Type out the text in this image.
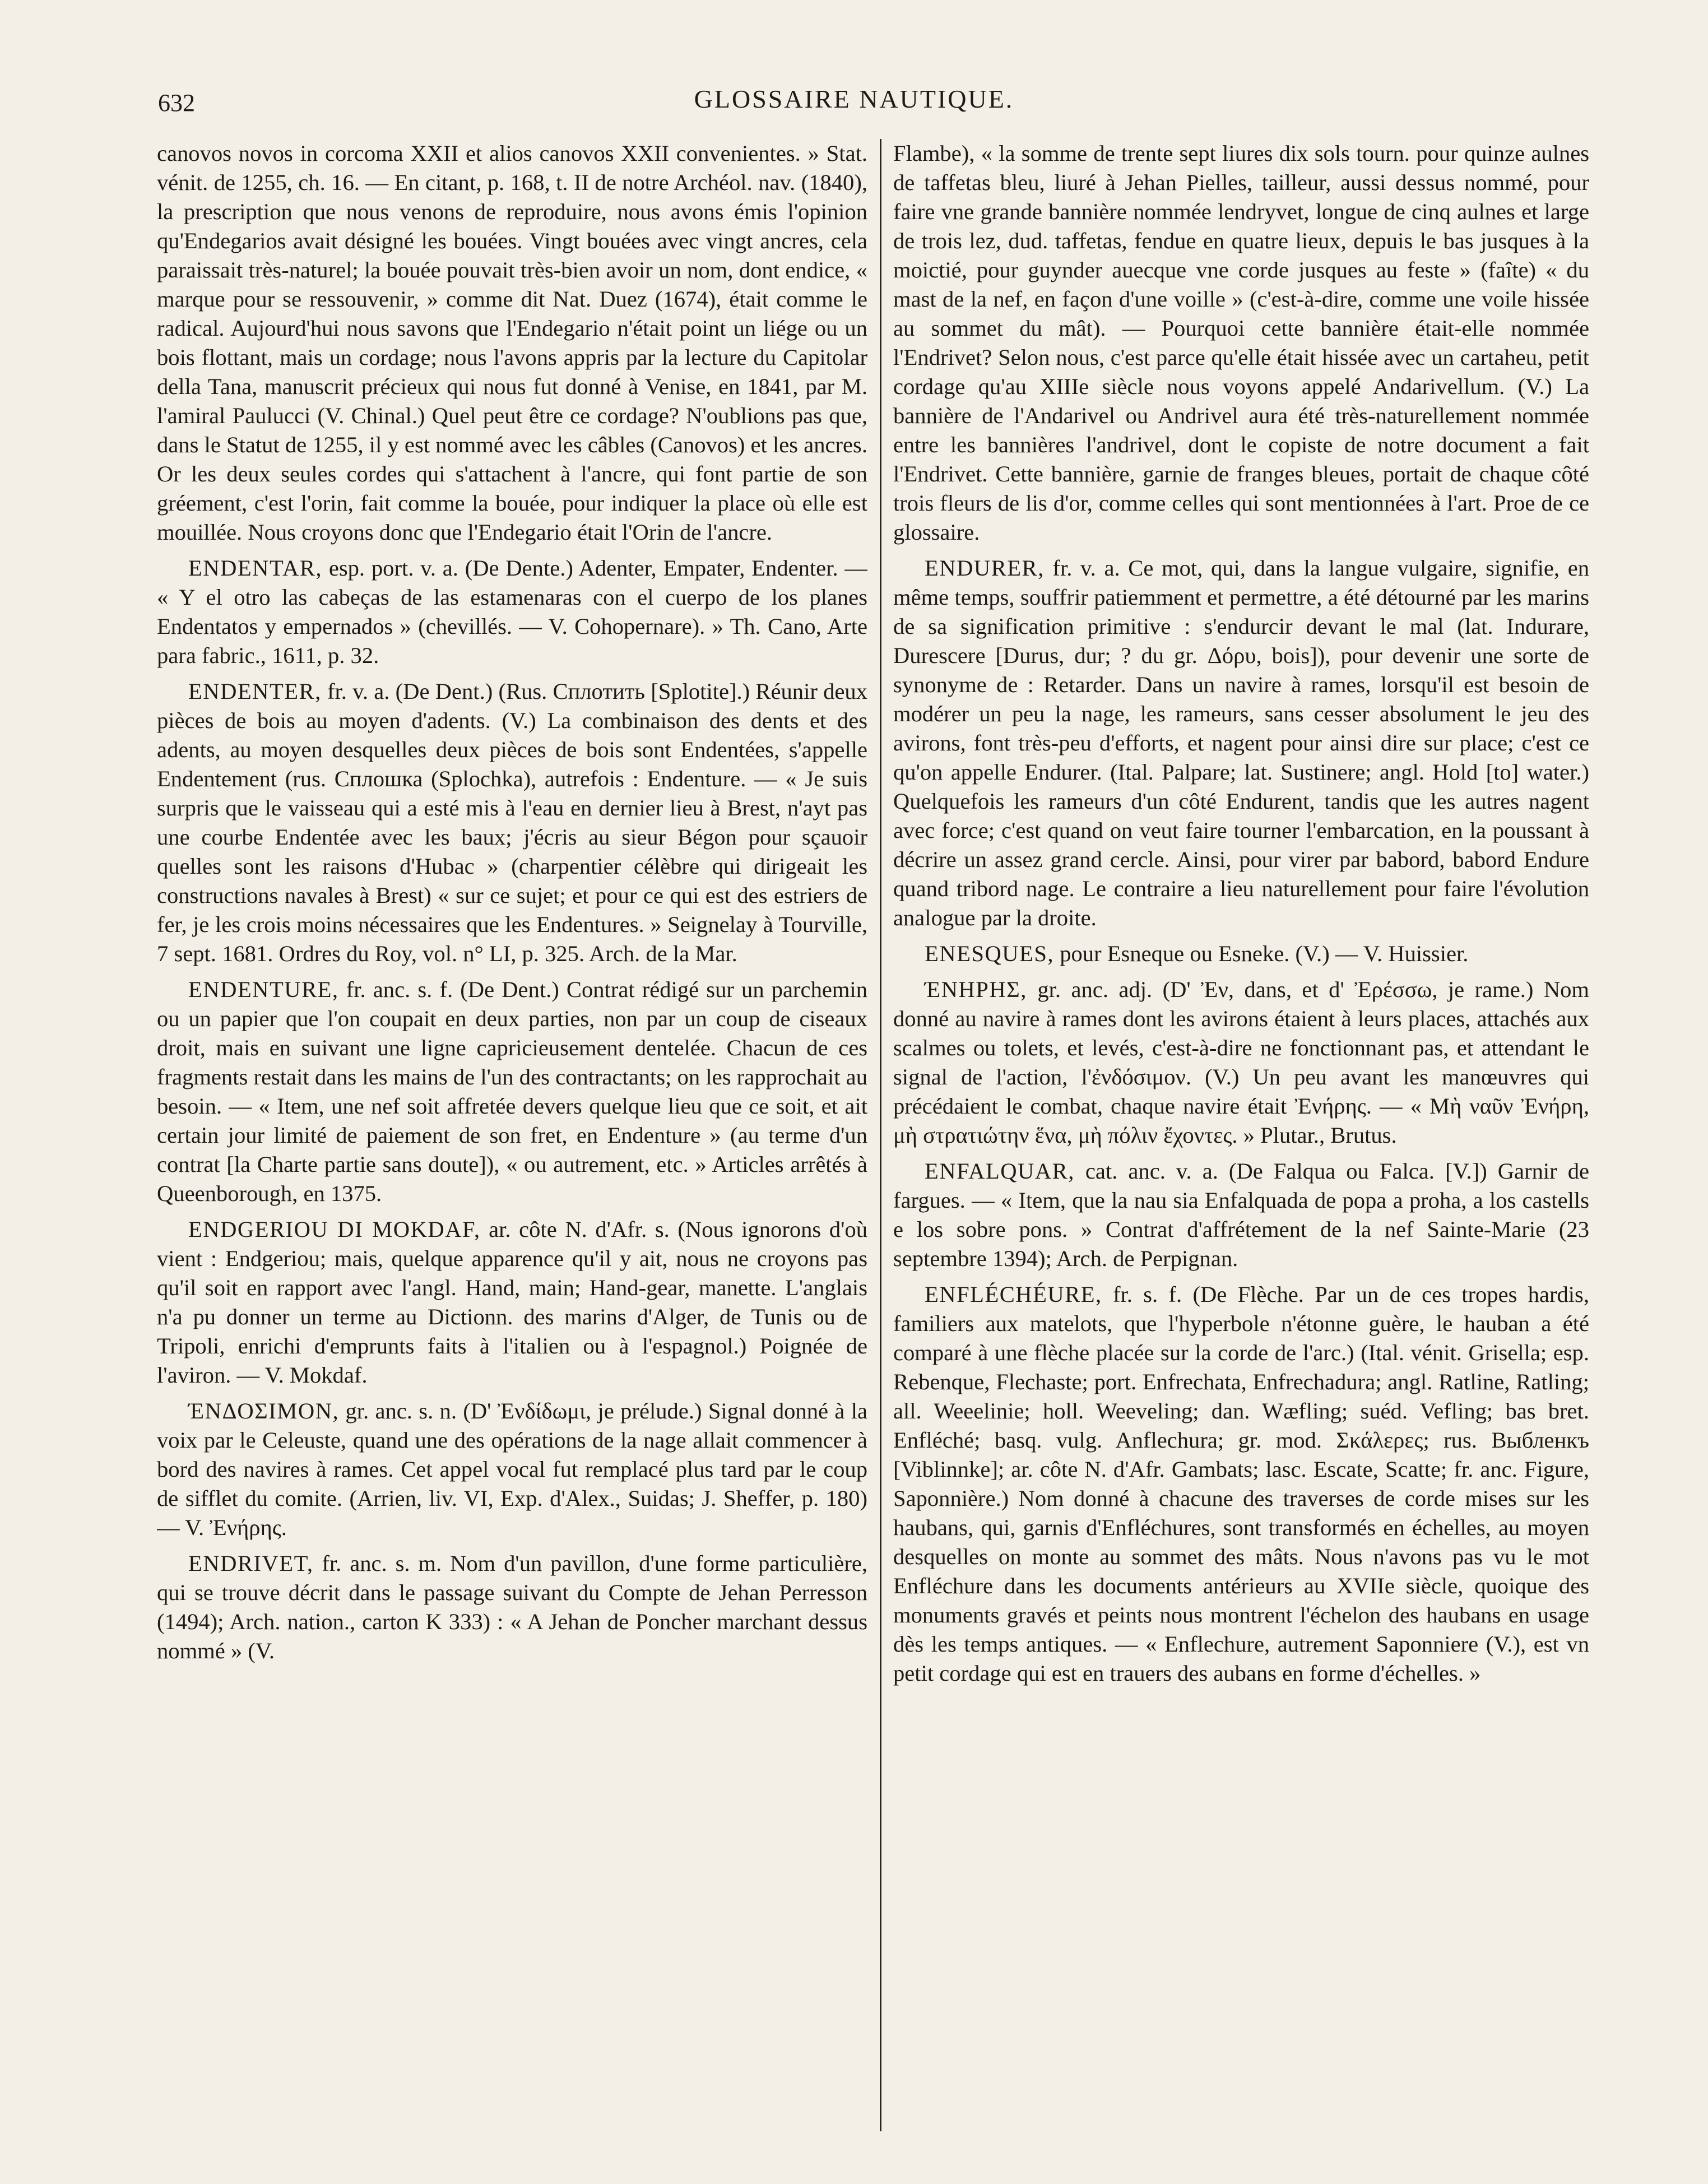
632	GLOSSAIRE NAUTIQUE.

canovos novos in corcoma XXII et alios canovos XXII convenientes. » Stat. vénit. de 1255, ch. 16. — En citant, p. 168, t. II de notre Archéol. nav. (1840), la prescription que nous venons de reproduire, nous avons émis l'opinion qu'Endegarios avait désigné les bouées. Vingt bouées avec vingt ancres, cela paraissait très-naturel; la bouée pouvait très-bien avoir un nom, dont endice, « marque pour se ressouvenir, » comme dit Nat. Duez (1674), était comme le radical. Aujourd'hui nous savons que l'Endegario n'était point un liége ou un bois flottant, mais un cordage; nous l'avons appris par la lecture du Capitolar della Tana, manuscrit précieux qui nous fut donné à Venise, en 1841, par M. l'amiral Paulucci (V. Chinal.) Quel peut être ce cordage? N'oublions pas que, dans le Statut de 1255, il y est nommé avec les câbles (Canovos) et les ancres. Or les deux seules cordes qui s'attachent à l'ancre, qui font partie de son gréement, c'est l'orin, fait comme la bouée, pour indiquer la place où elle est mouillée. Nous croyons donc que l'Endegario était l'Orin de l'ancre.

ENDENTAR, esp. port. v. a. (De Dente.) Adenter, Empater, Endenter. — « Y el otro las cabeças de las estamenaras con el cuerpo de los planes Endentatos y empernados » (chevillés. — V. Cohopernare). » Th. Cano, Arte para fabric., 1611, p. 32.

ENDENTER, fr. v. a. (De Dent.) (Rus. Сплотить [Splotite].) Réunir deux pièces de bois au moyen d'adents. (V.) La combinaison des dents et des adents, au moyen desquelles deux pièces de bois sont Endentées, s'appelle Endentement (rus. Сплошка (Splochka), autrefois : Endenture. — « Je suis surpris que le vaisseau qui a esté mis à l'eau en dernier lieu à Brest, n'ayt pas une courbe Endentée avec les baux; j'écris au sieur Bégon pour sçauoir quelles sont les raisons d'Hubac » (charpentier célèbre qui dirigeait les constructions navales à Brest) « sur ce sujet; et pour ce qui est des estriers de fer, je les crois moins nécessaires que les Endentures. » Seignelay à Tourville, 7 sept. 1681. Ordres du Roy, vol. n° LI, p. 325. Arch. de la Mar.

ENDENTURE, fr. anc. s. f. (De Dent.) Contrat rédigé sur un parchemin ou un papier que l'on coupait en deux parties, non par un coup de ciseaux droit, mais en suivant une ligne capricieusement dentelée. Chacun de ces fragments restait dans les mains de l'un des contractants; on les rapprochait au besoin. — « Item, une nef soit affretée devers quelque lieu que ce soit, et ait certain jour limité de paiement de son fret, en Endenture » (au terme d'un contrat [la Charte partie sans doute]), « ou autrement, etc. » Articles arrêtés à Queenborough, en 1375.

ENDGERIOU DI MOKDAF, ar. côte N. d'Afr. s. (Nous ignorons d'où vient : Endgeriou; mais, quelque apparence qu'il y ait, nous ne croyons pas qu'il soit en rapport avec l'angl. Hand, main; Hand-gear, manette. L'anglais n'a pu donner un terme au Dictionn. des marins d'Alger, de Tunis ou de Tripoli, enrichi d'emprunts faits à l'italien ou à l'espagnol.) Poignée de l'aviron. — V. Mokdaf.

ΈΝΔΟΣΙΜΟΝ, gr. anc. s. n. (D' Ἐνδίδωμι, je prélude.) Signal donné à la voix par le Celeuste, quand une des opérations de la nage allait commencer à bord des navires à rames. Cet appel vocal fut remplacé plus tard par le coup de sifflet du comite. (Arrien, liv. VI, Exp. d'Alex., Suidas; J. Sheffer, p. 180) — V. Ἐνήρης.

ENDRIVET, fr. anc. s. m. Nom d'un pavillon, d'une forme particulière, qui se trouve décrit dans le passage suivant du Compte de Jehan Perresson (1494); Arch. nation., carton K 333) : « A Jehan de Poncher marchant dessus nommé » (V.

Flambe), « la somme de trente sept liures dix sols tourn. pour quinze aulnes de taffetas bleu, liuré à Jehan Pielles, tailleur, aussi dessus nommé, pour faire vne grande bannière nommée lendryvet, longue de cinq aulnes et large de trois lez, dud. taffetas, fendue en quatre lieux, depuis le bas jusques à la moictié, pour guynder auecque vne corde jusques au feste » (faîte) « du mast de la nef, en façon d'une voille » (c'est-à-dire, comme une voile hissée au sommet du mât). — Pourquoi cette bannière était-elle nommée l'Endrivet? Selon nous, c'est parce qu'elle était hissée avec un cartaheu, petit cordage qu'au XIIIe siècle nous voyons appelé Andarivellum. (V.) La bannière de l'Andarivel ou Andrivel aura été très-naturellement nommée entre les bannières l'andrivel, dont le copiste de notre document a fait l'Endrivet. Cette bannière, garnie de franges bleues, portait de chaque côté trois fleurs de lis d'or, comme celles qui sont mentionnées à l'art. Proe de ce glossaire.

ENDURER, fr. v. a. Ce mot, qui, dans la langue vulgaire, signifie, en même temps, souffrir patiemment et permettre, a été détourné par les marins de sa signification primitive : s'endurcir devant le mal (lat. Indurare, Durescere [Durus, dur; ? du gr. Δόρυ, bois]), pour devenir une sorte de synonyme de : Retarder. Dans un navire à rames, lorsqu'il est besoin de modérer un peu la nage, les rameurs, sans cesser absolument le jeu des avirons, font très-peu d'efforts, et nagent pour ainsi dire sur place; c'est ce qu'on appelle Endurer. (Ital. Palpare; lat. Sustinere; angl. Hold [to] water.) Quelquefois les rameurs d'un côté Endurent, tandis que les autres nagent avec force; c'est quand on veut faire tourner l'embarcation, en la poussant à décrire un assez grand cercle. Ainsi, pour virer par babord, babord Endure quand tribord nage. Le contraire a lieu naturellement pour faire l'évolution analogue par la droite.

ENESQUES, pour Esneque ou Esneke. (V.) — V. Huissier.

ΈΝΗΡΗΣ, gr. anc. adj. (D' Ἐν, dans, et d' Ἐρέσσω, je rame.) Nom donné au navire à rames dont les avirons étaient à leurs places, attachés aux scalmes ou tolets, et levés, c'est-à-dire ne fonctionnant pas, et attendant le signal de l'action, l'ἐνδόσιμον. (V.) Un peu avant les manœuvres qui précédaient le combat, chaque navire était Ἐνήρης. — « Μὴ ναῦν Ἐνήρη, μὴ στρατιώτην ἕνα, μὴ πόλιν ἔχοντες. » Plutar., Brutus.

ENFALQUAR, cat. anc. v. a. (De Falqua ou Falca. [V.]) Garnir de fargues. — « Item, que la nau sia Enfalquada de popa a proha, a los castells e los sobre pons. » Contrat d'affrétement de la nef Sainte-Marie (23 septembre 1394); Arch. de Perpignan.

ENFLÉCHÉURE, fr. s. f. (De Flèche. Par un de ces tropes hardis, familiers aux matelots, que l'hyperbole n'étonne guère, le hauban a été comparé à une flèche placée sur la corde de l'arc.) (Ital. vénit. Grisella; esp. Rebenque, Flechaste; port. Enfrechata, Enfrechadura; angl. Ratline, Ratling; all. Weeelinie; holl. Weeveling; dan. Wæfling; suéd. Vefling; bas bret. Enfléché; basq. vulg. Anflechura; gr. mod. Σκάλερες; rus. Выбленкъ [Viblinnke]; ar. côte N. d'Afr. Gambats; lasc. Escate, Scatte; fr. anc. Figure, Saponnière.) Nom donné à chacune des traverses de corde mises sur les haubans, qui, garnis d'Enfléchures, sont transformés en échelles, au moyen desquelles on monte au sommet des mâts. Nous n'avons pas vu le mot Enfléchure dans les documents antérieurs au XVIIe siècle, quoique des monuments gravés et peints nous montrent l'échelon des haubans en usage dès les temps antiques. — « Enflechure, autrement Saponniere (V.), est vn petit cordage qui est en trauers des aubans en forme d'échelles. »
